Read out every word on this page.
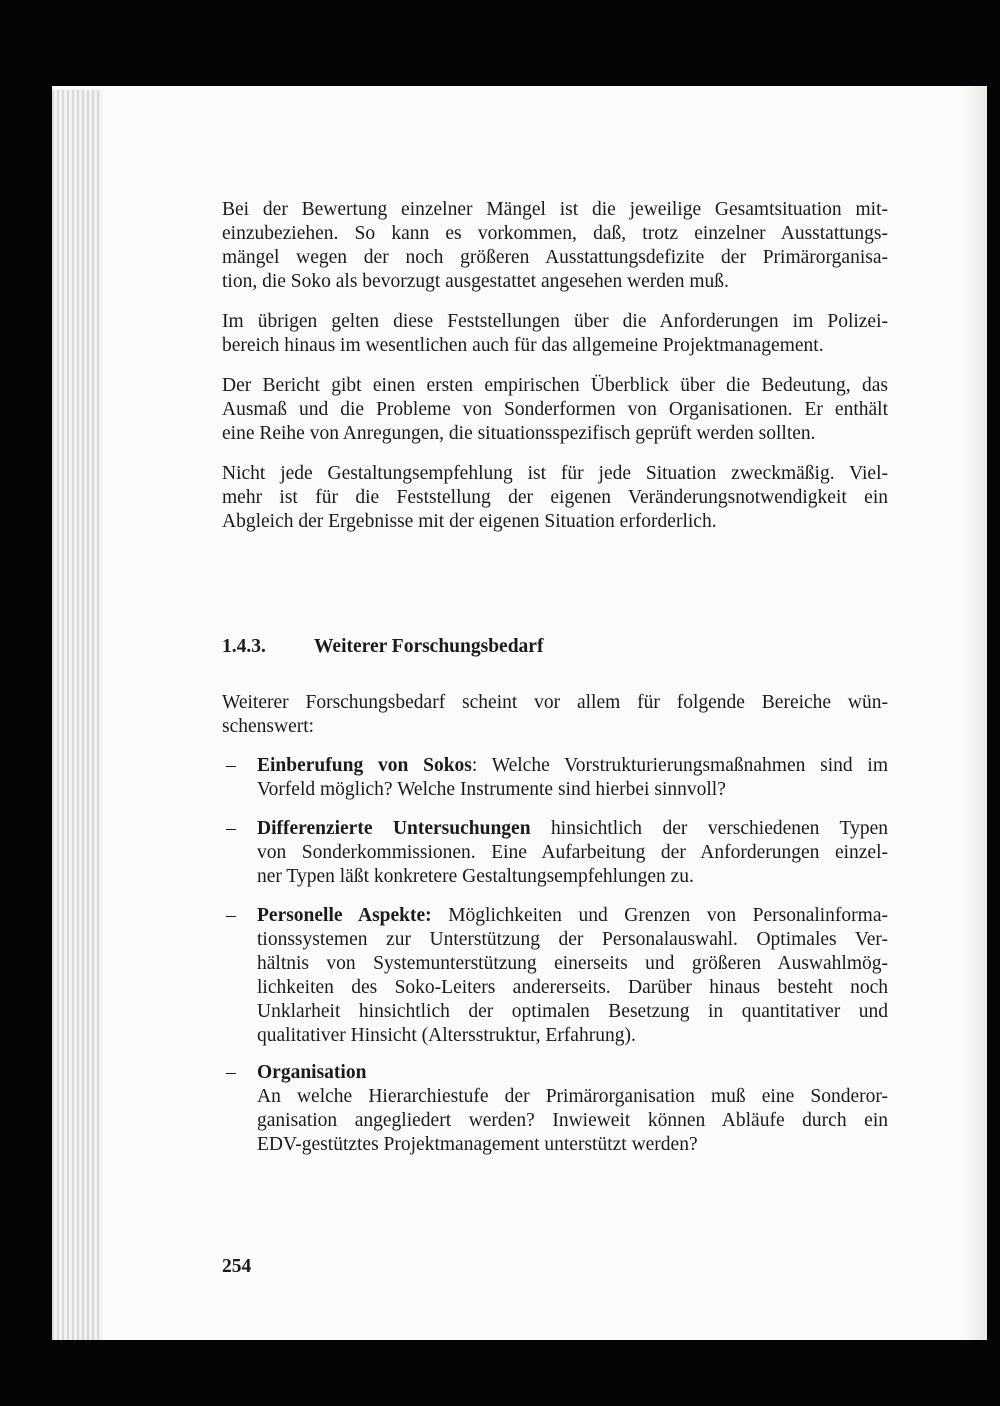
Bei der Bewertung einzelner Mängel ist die jeweilige Gesamtsituation mit-
einzubeziehen. So kann es vorkommen, daß, trotz einzelner Ausstattungs-
mängel wegen der noch größeren Ausstattungsdefizite der Primärorganisa-
tion, die Soko als bevorzugt ausgestattet angesehen werden muß.
Im übrigen gelten diese Feststellungen über die Anforderungen im Polizei-
bereich hinaus im wesentlichen auch für das allgemeine Projektmanagement.
Der Bericht gibt einen ersten empirischen Überblick über die Bedeutung, das
Ausmaß und die Probleme von Sonderformen von Organisationen. Er enthält
eine Reihe von Anregungen, die situationsspezifisch geprüft werden sollten.
Nicht jede Gestaltungsempfehlung ist für jede Situation zweckmäßig. Viel-
mehr ist für die Feststellung der eigenen Veränderungsnotwendigkeit ein
Abgleich der Ergebnisse mit der eigenen Situation erforderlich.
1.4.3. Weiterer Forschungsbedarf
Weiterer Forschungsbedarf scheint vor allem für folgende Bereiche wün-
schenswert:
– Einberufung von Sokos: Welche Vorstrukturierungsmaßnahmen sind im
Vorfeld möglich? Welche Instrumente sind hierbei sinnvoll?
– Differenzierte Untersuchungen hinsichtlich der verschiedenen Typen
von Sonderkommissionen. Eine Aufarbeitung der Anforderungen einzel-
ner Typen läßt konkretere Gestaltungsempfehlungen zu.
– Personelle Aspekte: Möglichkeiten und Grenzen von Personalinforma-
tionssystemen zur Unterstützung der Personalauswahl. Optimales Ver-
hältnis von Systemunterstützung einerseits und größeren Auswahlmög-
lichkeiten des Soko-Leiters andererseits. Darüber hinaus besteht noch
Unklarheit hinsichtlich der optimalen Besetzung in quantitativer und
qualitativer Hinsicht (Altersstruktur, Erfahrung).
– Organisation
An welche Hierarchiestufe der Primärorganisation muß eine Sonderor-
ganisation angegliedert werden? Inwieweit können Abläufe durch ein
EDV-gestütztes Projektmanagement unterstützt werden?
254
